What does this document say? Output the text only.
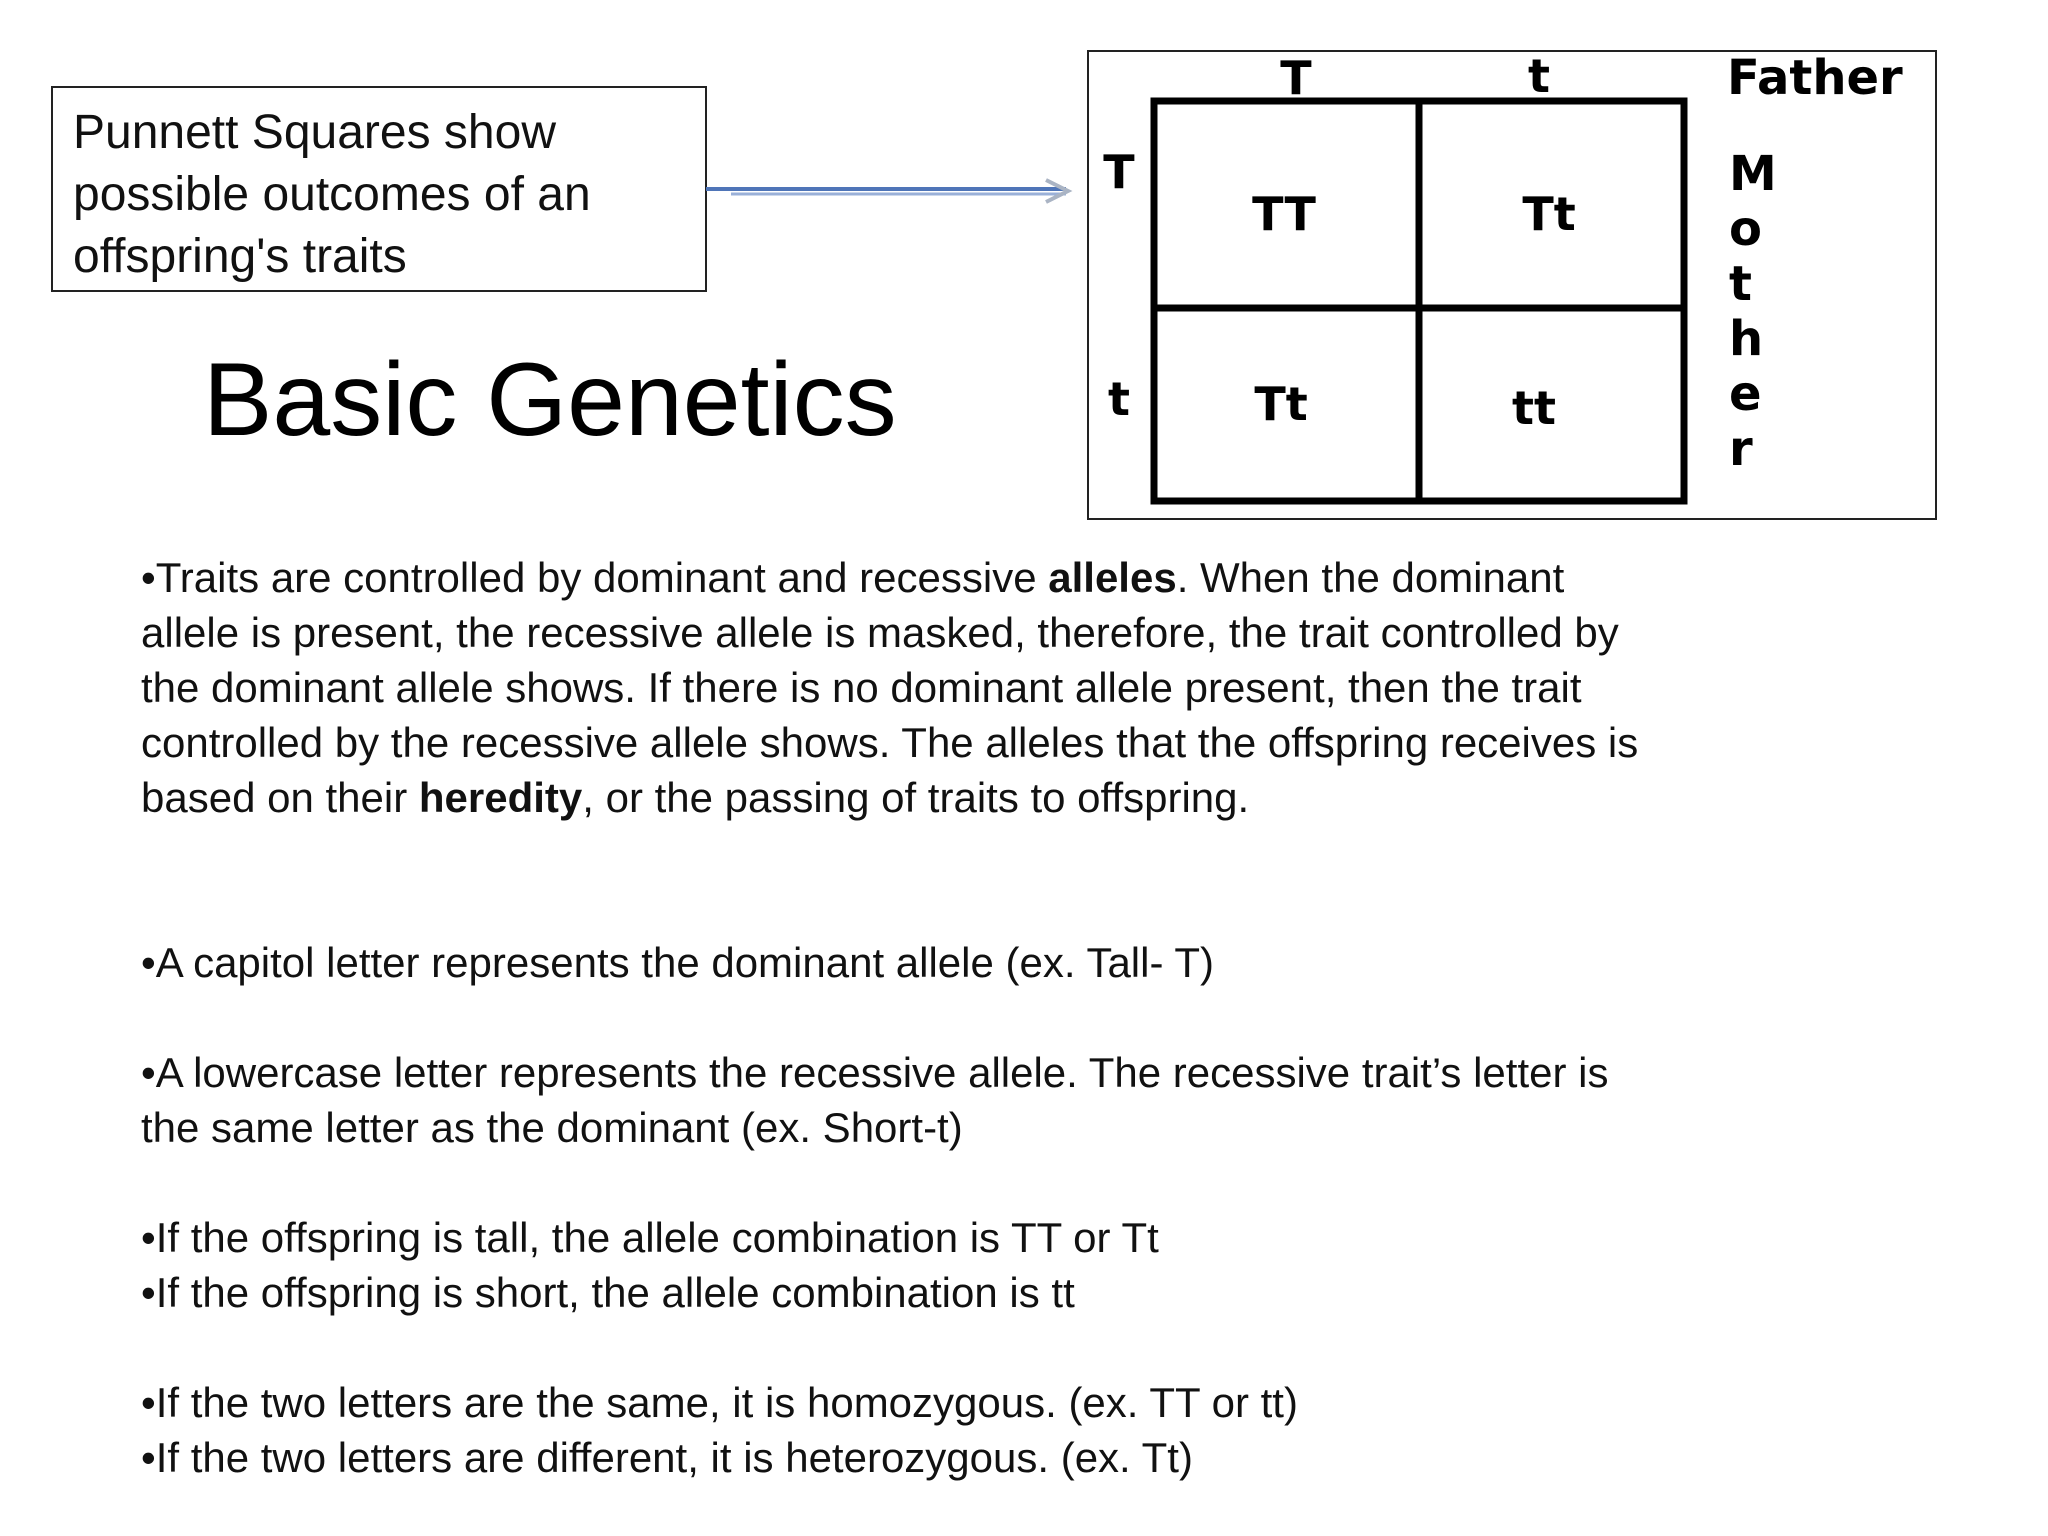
Punnett Squares show
possible outcomes of an
offspring's traits
Basic Genetics
T	t	Father
T
t
M
o
t
h
e
r
TT	Tt
Tt	tt
•Traits are controlled by dominant and recessive alleles. When the dominant
allele is present, the recessive allele is masked, therefore, the trait controlled by
the dominant allele shows. If there is no dominant allele present, then the trait
controlled by the recessive allele shows. The alleles that the offspring receives is
based on their heredity, or the passing of traits to offspring.
•A capitol letter represents the dominant allele (ex. Tall- T)
•A lowercase letter represents the recessive allele. The recessive trait’s letter is
the same letter as the dominant (ex. Short-t)
•If the offspring is tall, the allele combination is TT or Tt
•If the offspring is short, the allele combination is tt
•If the two letters are the same, it is homozygous. (ex. TT or tt)
•If the two letters are different, it is heterozygous. (ex. Tt)
